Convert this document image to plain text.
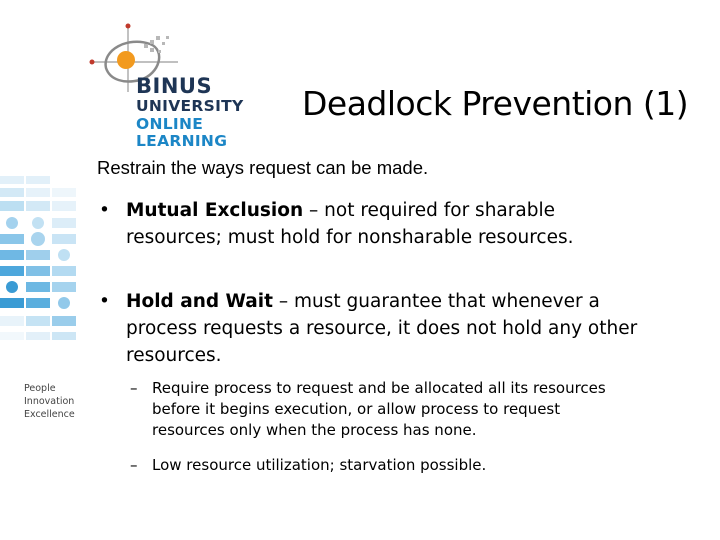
BINUS
UNIVERSITY
ONLINE
LEARNING
Deadlock Prevention (1)
Restrain the ways request can be made.
• Mutual Exclusion – not required for sharable resources; must hold for nonsharable resources.
• Hold and Wait – must guarantee that whenever a process requests a resource, it does not hold any other resources.
– Require process to request and be allocated all its resources before it begins execution, or allow process to request resources only when the process has none.
– Low resource utilization; starvation possible.
People
Innovation
Excellence
